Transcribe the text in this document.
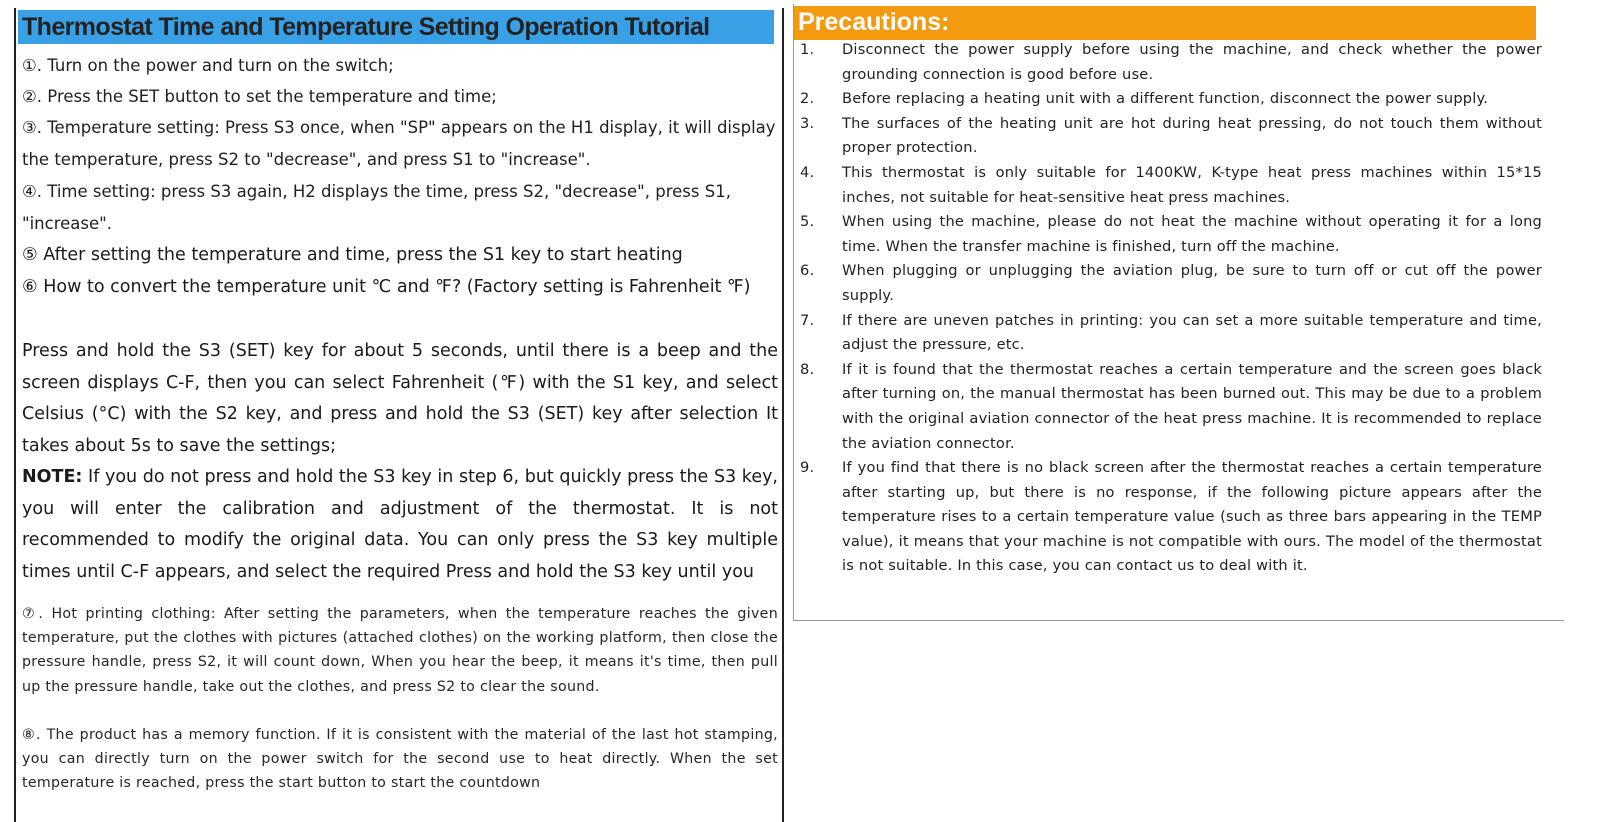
Thermostat Time and Temperature Setting Operation Tutorial

①. Turn on the power and turn on the switch;

②. Press the SET button to set the temperature and time;

③. Temperature setting: Press S3 once, when "SP" appears on the H1 display, it will display the temperature, press S2 to "decrease", and press S1 to "increase".

④. Time setting: press S3 again, H2 displays the time, press S2, "decrease", press S1, "increase".

⑤ After setting the temperature and time, press the S1 key to start heating

⑥ How to convert the temperature unit ℃ and ℉? (Factory setting is Fahrenheit ℉)

Press and hold the S3 (SET) key for about 5 seconds, until there is a beep and the screen displays C-F, then you can select Fahrenheit (℉) with the S1 key, and select Celsius (°C) with the S2 key, and press and hold the S3 (SET) key after selection It takes about 5s to save the settings;

NOTE: If you do not press and hold the S3 key in step 6, but quickly press the S3 key, you will enter the calibration and adjustment of the thermostat. It is not recommended to modify the original data. You can only press the S3 key multiple times until C-F appears, and select the required Press and hold the S3 key until you

⑦. Hot printing clothing: After setting the parameters, when the temperature reaches the given temperature, put the clothes with pictures (attached clothes) on the working platform, then close the pressure handle, press S2, it will count down, When you hear the beep, it means it's time, then pull up the pressure handle, take out the clothes, and press S2 to clear the sound.

⑧. The product has a memory function. If it is consistent with the material of the last hot stamping, you can directly turn on the power switch for the second use to heat directly. When the set temperature is reached, press the start button to start the countdown

Precautions:
1. Disconnect the power supply before using the machine, and check whether the power grounding connection is good before use.
2. Before replacing a heating unit with a different function, disconnect the power supply.
3. The surfaces of the heating unit are hot during heat pressing, do not touch them without proper protection.
4. This thermostat is only suitable for 1400KW, K-type heat press machines within 15*15 inches, not suitable for heat-sensitive heat press machines.
5. When using the machine, please do not heat the machine without operating it for a long time. When the transfer machine is finished, turn off the machine.
6. When plugging or unplugging the aviation plug, be sure to turn off or cut off the power supply.
7. If there are uneven patches in printing: you can set a more suitable temperature and time, adjust the pressure, etc.
8. If it is found that the thermostat reaches a certain temperature and the screen goes black after turning on, the manual thermostat has been burned out. This may be due to a problem with the original aviation connector of the heat press machine. It is recommended to replace the aviation connector.
9. If you find that there is no black screen after the thermostat reaches a certain temperature after starting up, but there is no response, if the following picture appears after the temperature rises to a certain temperature value (such as three bars appearing in the TEMP value), it means that your machine is not compatible with ours. The model of the thermostat is not suitable. In this case, you can contact us to deal with it.
